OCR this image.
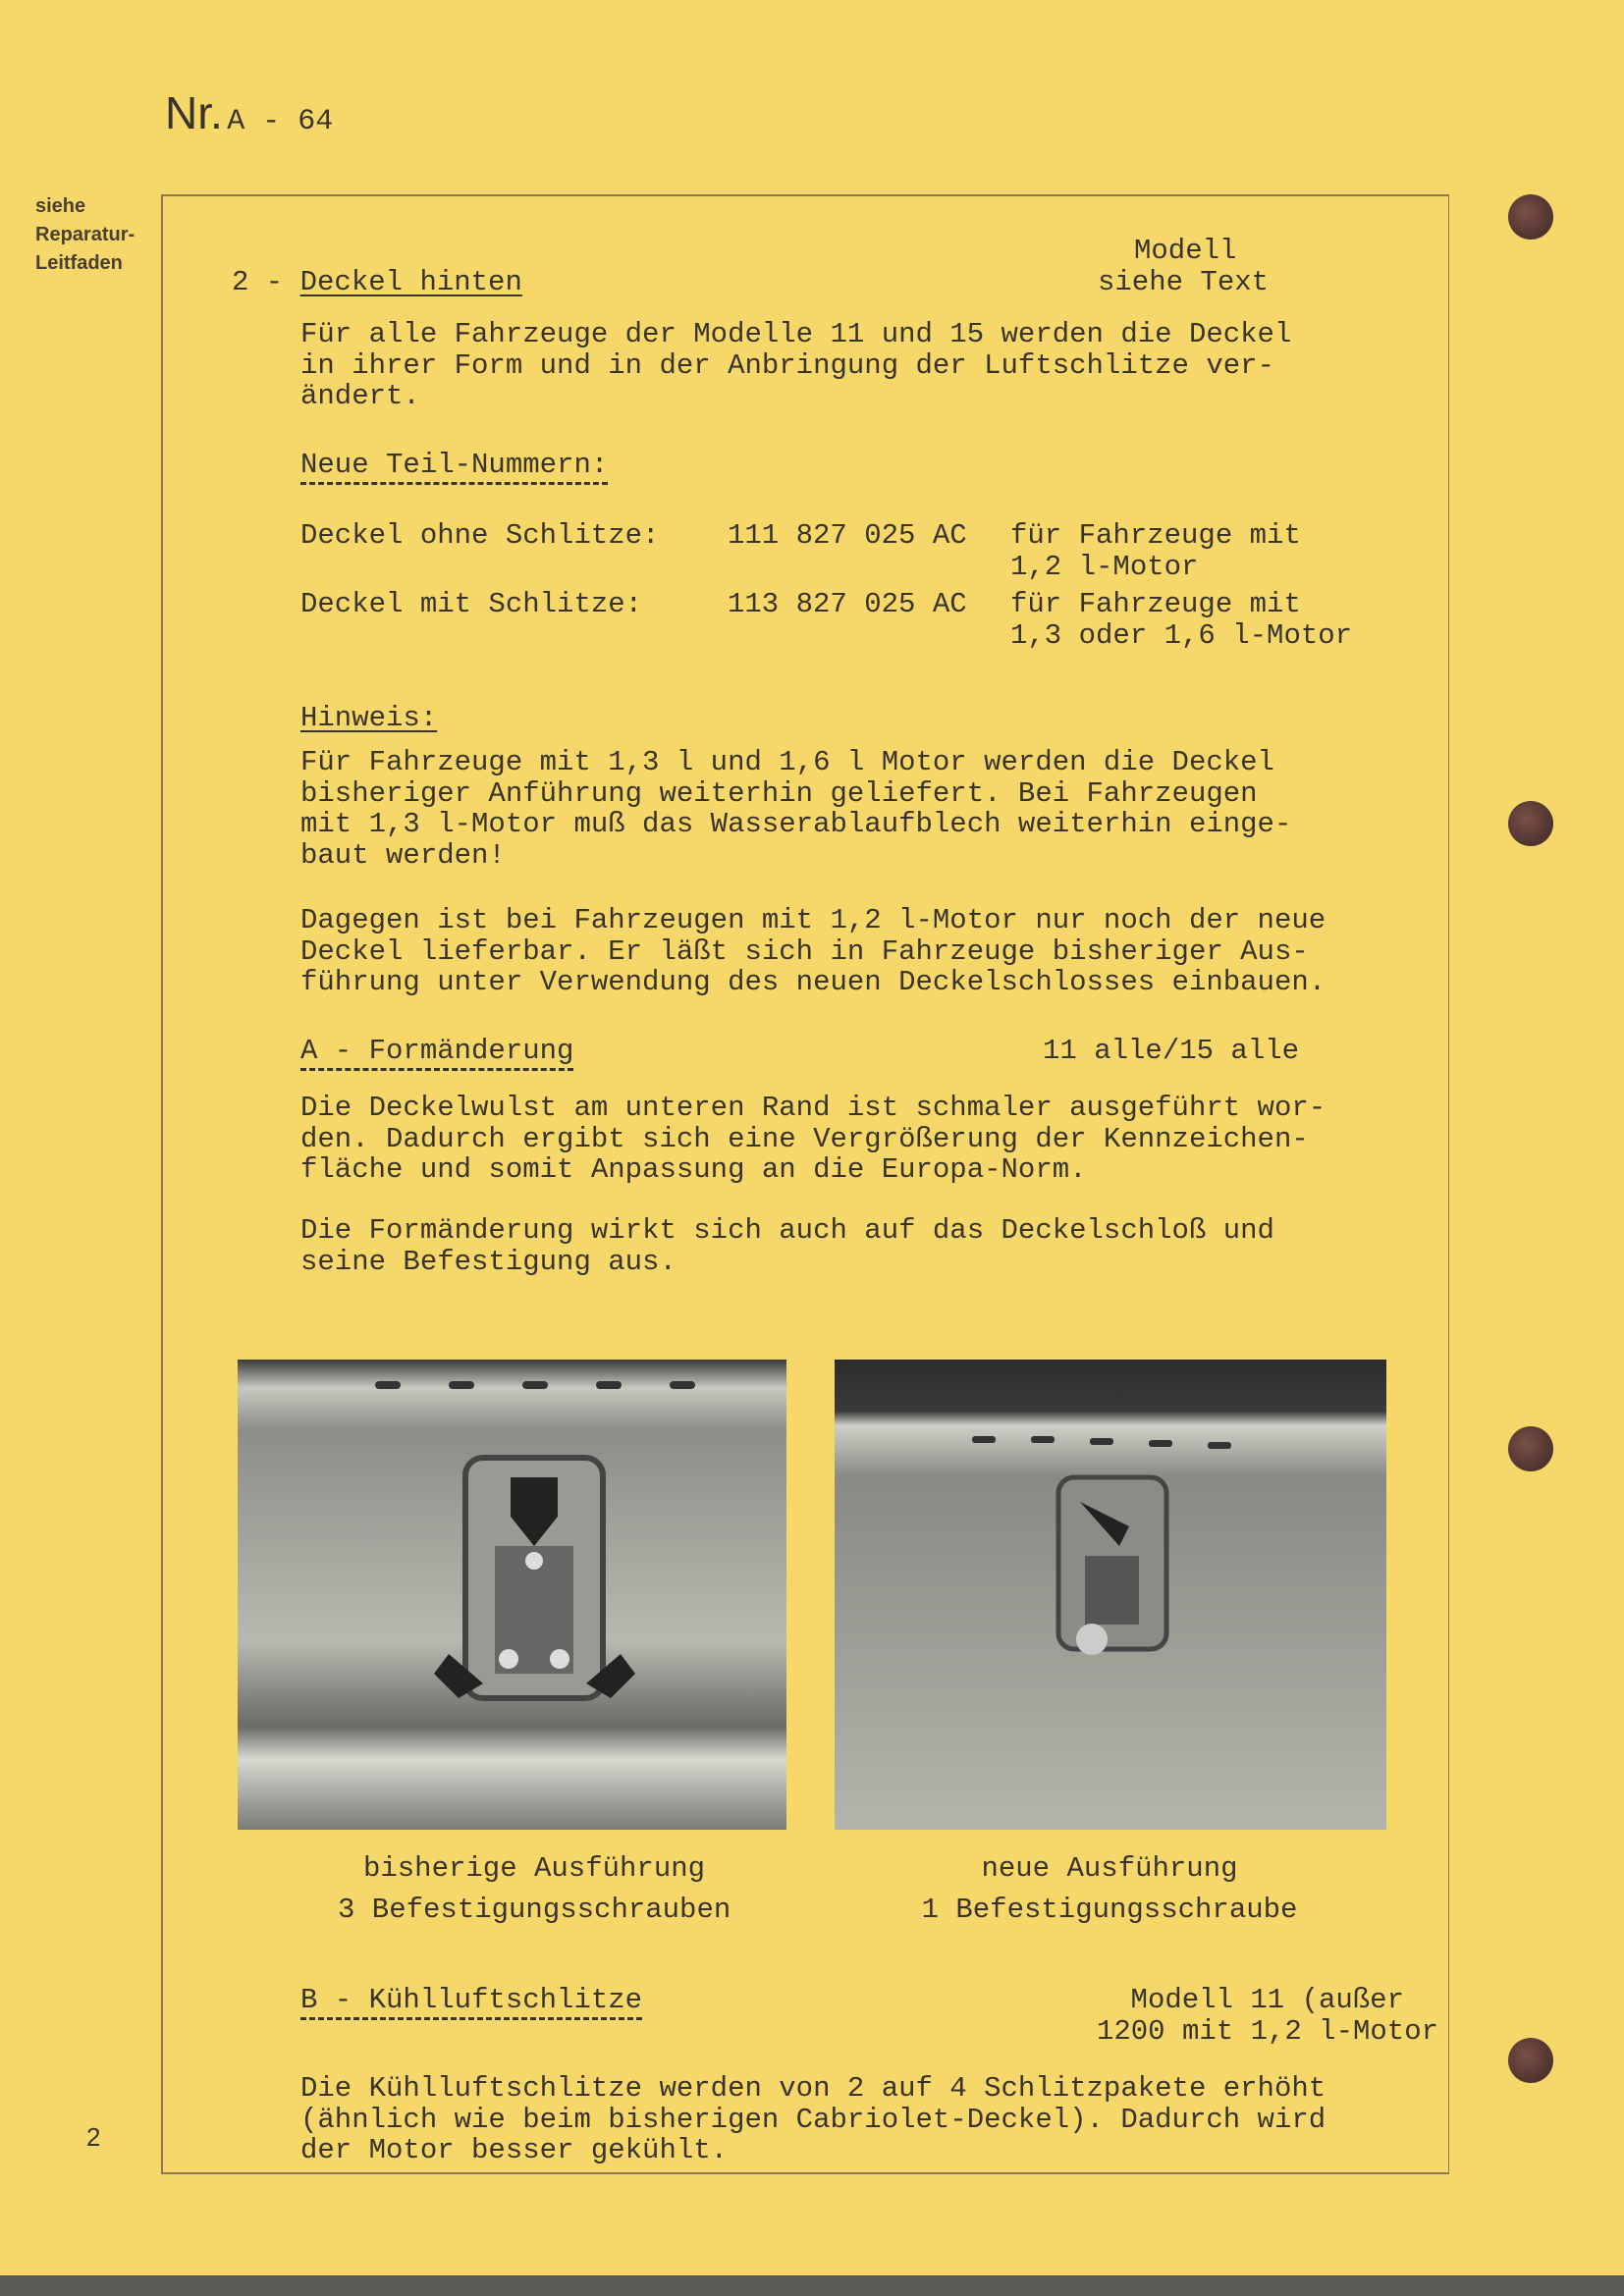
Nr. A - 64
siehe
Reparatur-
Leitfaden	Modell
siehe Text
2 - Deckel hinten
Für alle Fahrzeuge der Modelle 11 und 15 werden die Deckel
in ihrer Form und in der Anbringung der Luftschlitze ver-
ändert.
Neue Teil-Nummern:
Deckel ohne Schlitze: 111 827 025 AC für Fahrzeuge mit
1,2 l-Motor
Deckel mit Schlitze:	113 827 025 AC für Fahrzeuge mit
1,3 oder 1,6 l-Motor
Hinweis:
Für Fahrzeuge mit 1,3 l und 1,6 l Motor werden die Deckel
bisheriger Anführung weiterhin geliefert. Bei Fahrzeugen
mit 1,3 l-Motor muß das Wasserablaufblech weiterhin einge-
baut werden!
Dagegen ist bei Fahrzeugen mit 1,2 l-Motor nur noch der neue
Deckel lieferbar. Er läßt sich in Fahrzeuge bisheriger Aus-
führung unter Verwendung des neuen Deckelschlosses einbauen.
A - Formänderung	11 alle/15 alle
Die Deckelwulst am unteren Rand ist schmaler ausgeführt wor-
den. Dadurch ergibt sich eine Vergrößerung der Kennzeichen-
fläche und somit Anpassung an die Europa-Norm.
Die Formänderung wirkt sich auch auf das Deckelschloß und
seine Befestigung aus.
bisherige Ausführung
3 Befestigungsschrauben
neue Ausführung
1 Befestigungsschraube
B - Kühlluftschlitze	Modell 11 (außer
1200 mit 1,2 l-Motor
Die Kühlluftschlitze werden von 2 auf 4 Schlitzpakete erhöht
(ähnlich wie beim bisherigen Cabriolet-Deckel). Dadurch wird
der Motor besser gekühlt.
2
